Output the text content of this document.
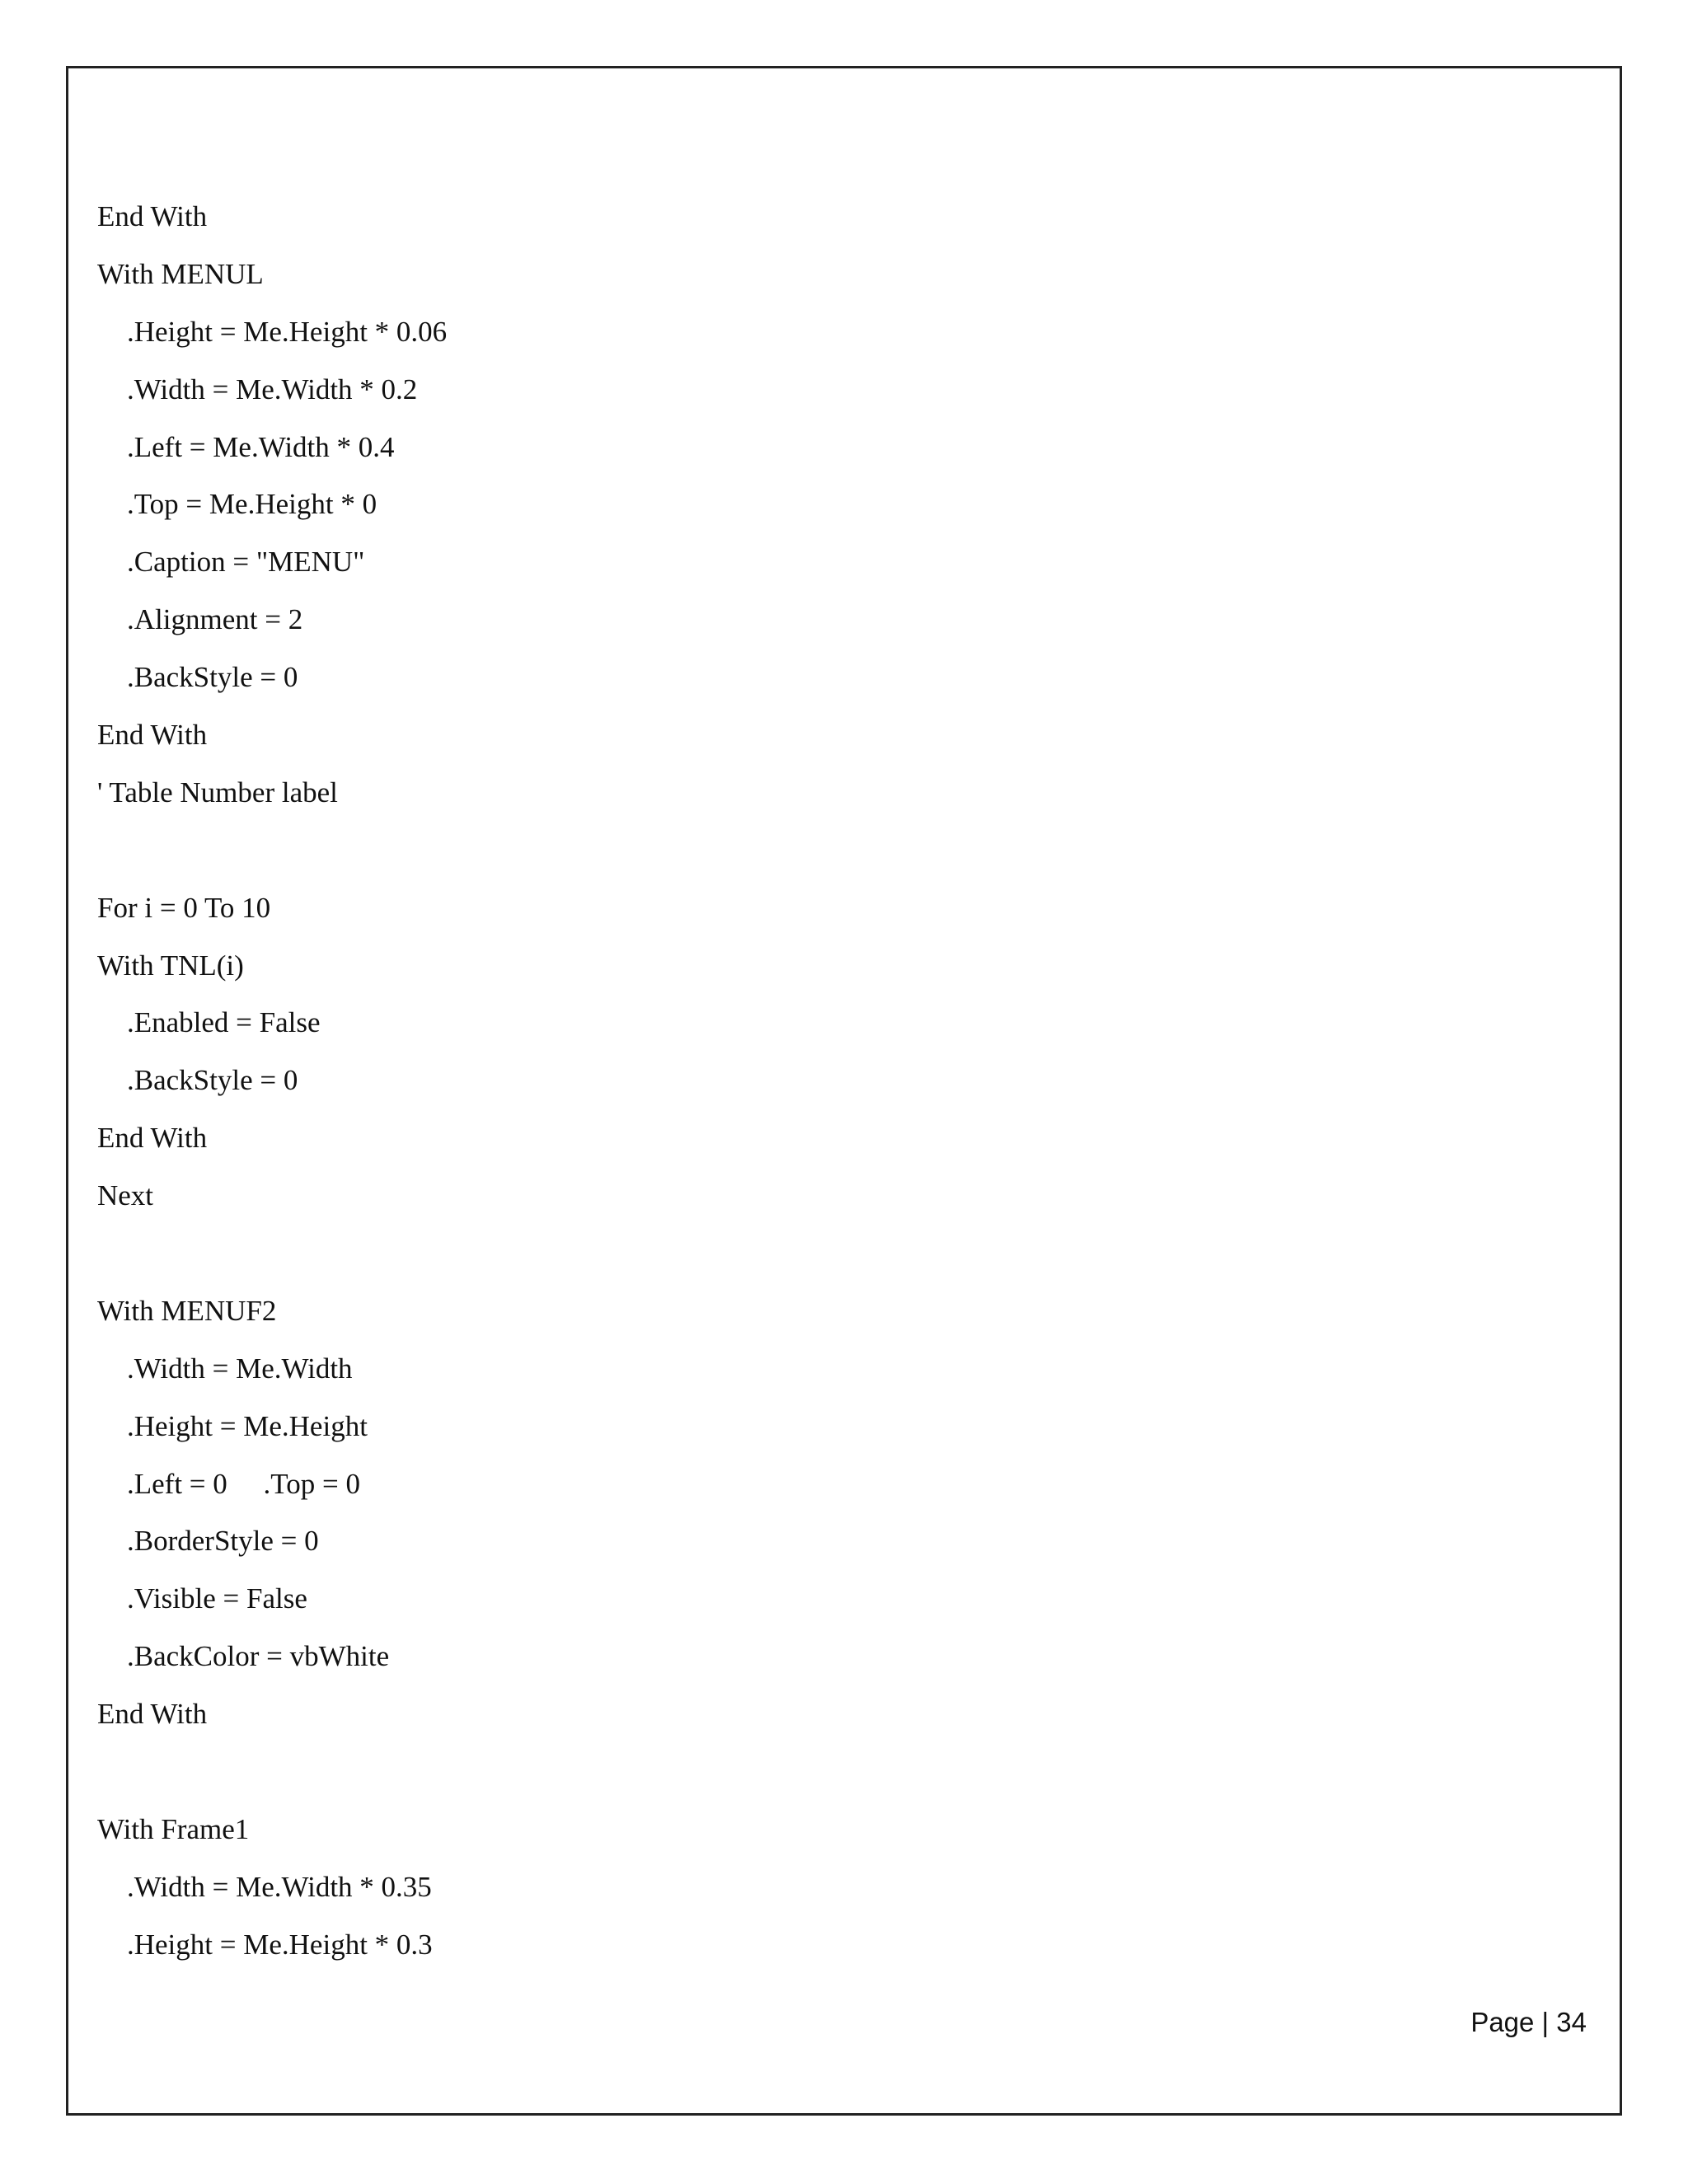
End With
With MENUL
.Height = Me.Height * 0.06
.Width = Me.Width * 0.2
.Left = Me.Width * 0.4
.Top = Me.Height * 0
.Caption = "MENU"
.Alignment = 2
.BackStyle = 0
End With
' Table Number label
For i = 0 To 10
With TNL(i)
.Enabled = False
.BackStyle = 0
End With
Next
With MENUF2
.Width = Me.Width
.Height = Me.Height
.Left = 0     .Top = 0
.BorderStyle = 0
.Visible = False
.BackColor = vbWhite
End With
With Frame1
.Width = Me.Width * 0.35
.Height = Me.Height * 0.3
Page | 34
